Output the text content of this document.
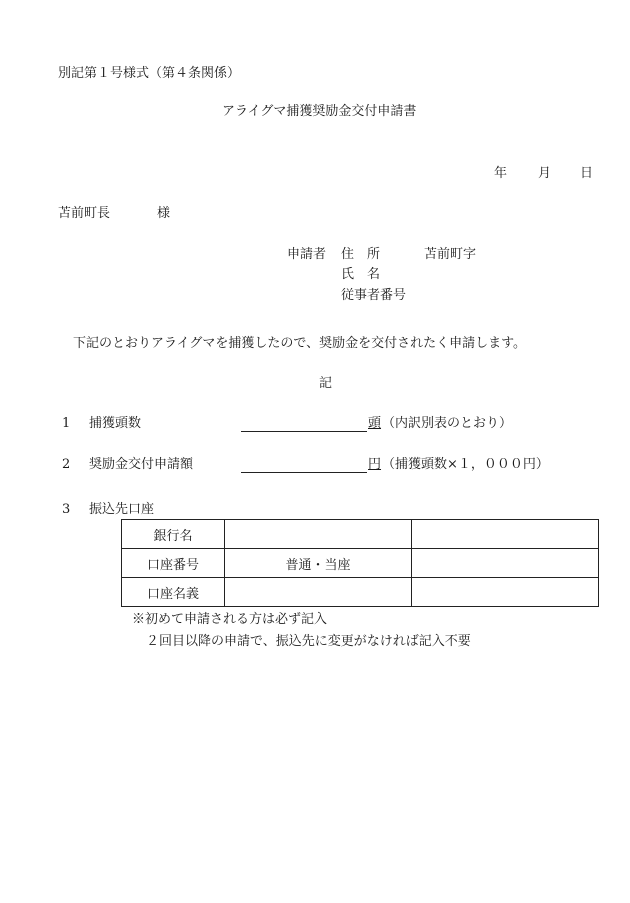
別記第１号様式（第４条関係）
アライグマ捕獲奨励金交付申請書
年 月 日
苫前町長	様
申請者 住　所	苫前町字
氏　名
従事者番号
下記のとおりアライグマを捕獲したので、奨励金を交付されたく申請します。
記
1 捕獲頭数	頭 （内訳別表のとおり）
2 奨励金交付申請額	円 （捕獲頭数×１，０００円）
3 振込先口座
銀行名		
口座番号	普通・当座	
口座名義		
※初めて申請される方は必ず記入
２回目以降の申請で、振込先に変更がなければ記入不要
